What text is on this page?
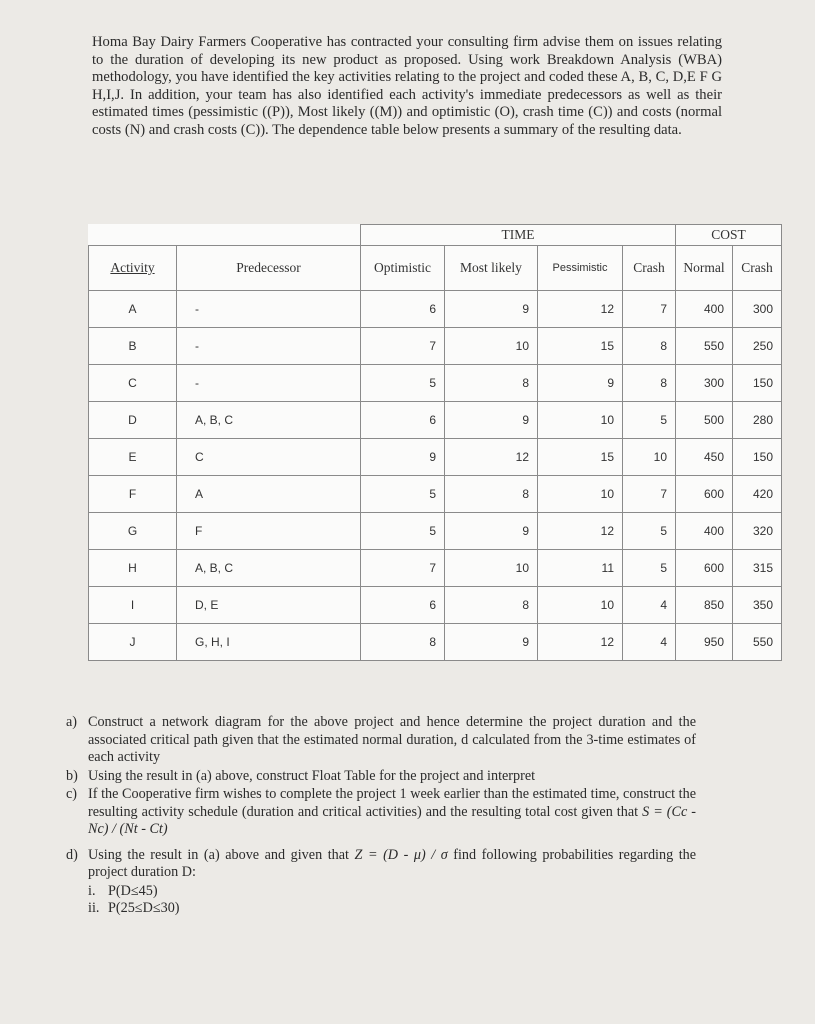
Homa Bay Dairy Farmers Cooperative has contracted your consulting firm advise them on issues relating to the duration of developing its new product as proposed. Using work Breakdown Analysis (WBA) methodology, you have identified the key activities relating to the project and coded these A, B, C, D,E F G H,I,J. In addition, your team has also identified each activity's immediate predecessors as well as their estimated times (pessimistic ((P)), Most likely ((M)) and optimistic (O), crash time (C)) and costs (normal costs (N) and crash costs (C)). The dependence table below presents a summary of the resulting data.

		TIME				COST	
Activity	Predecessor	Optimistic	Most likely	Pessimistic	Crash	Normal	Crash
A	-	6	9	12	7	400	300
B	-	7	10	15	8	550	250
C	-	5	8	9	8	300	150
D	A, B, C	6	9	10	5	500	280
E	C	9	12	15	10	450	150
F	A	5	8	10	7	600	420
G	F	5	9	12	5	400	320
H	A, B, C	7	10	11	5	600	315
I	D, E	6	8	10	4	850	350
J	G, H, I	8	9	12	4	950	550
a) Construct a network diagram for the above project and hence determine the project duration and the associated critical path given that the estimated normal duration, d calculated from the 3-time estimates of each activity
b) Using the result in (a) above, construct Float Table for the project and interpret
c) If the Cooperative firm wishes to complete the project 1 week earlier than the estimated time, construct the resulting activity schedule (duration and critical activities) and the resulting total cost given that S = (Cc - Nc) / (Nt - Ct)
d) Using the result in (a) above and given that Z = (D - μ) / σ find following probabilities regarding the project duration D:
i. P(D≤45)
ii. P(25≤D≤30)
